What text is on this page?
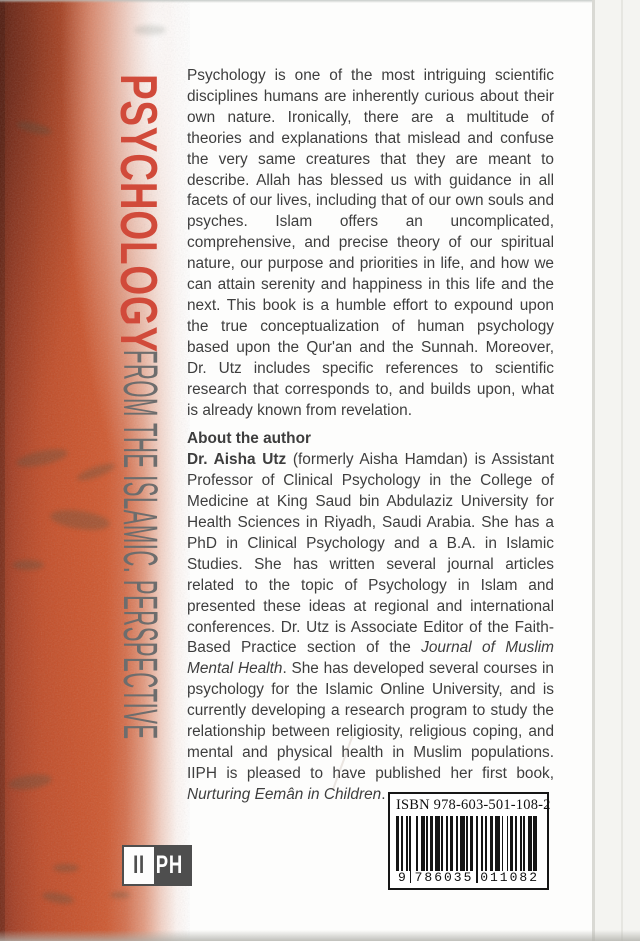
PSYCHOLOGY
FROM THE ISLAMIC. PERSPECTIVE

Psychology is one of the most intriguing scientific disciplines humans are inherently curious about their own nature. Ironically, there are a multitude of theories and explanations that mislead and confuse the very same creatures that they are meant to describe. Allah has blessed us with guidance in all facets of our lives, including that of our own souls and psyches. Islam offers an uncomplicated, comprehensive, and precise theory of our spiritual nature, our purpose and priorities in life, and how we can attain serenity and happiness in this life and the next. This book is a humble effort to expound upon the true conceptualization of human psychology based upon the Qur'an and the Sunnah. Moreover, Dr. Utz includes specific references to scientific research that corresponds to, and builds upon, what is already known from revelation.

About the author

Dr. Aisha Utz (formerly Aisha Hamdan) is Assistant Professor of Clinical Psychology in the College of Medicine at King Saud bin Abdulaziz University for Health Sciences in Riyadh, Saudi Arabia. She has a PhD in Clinical Psychology and a B.A. in Islamic Studies. She has written several journal articles related to the topic of Psychology in Islam and presented these ideas at regional and international conferences. Dr. Utz is Associate Editor of the Faith-Based Practice section of the Journal of Muslim Mental Health. She has developed several courses in psychology for the Islamic Online University, and is currently developing a research program to study the relationship between religiosity, religious coping, and mental and physical health in Muslim populations. IIPH is pleased to have published her first book, Nurturing Eemân in Children.

II PH
ISBN 978-603-501-108-2
9 786035 011082
